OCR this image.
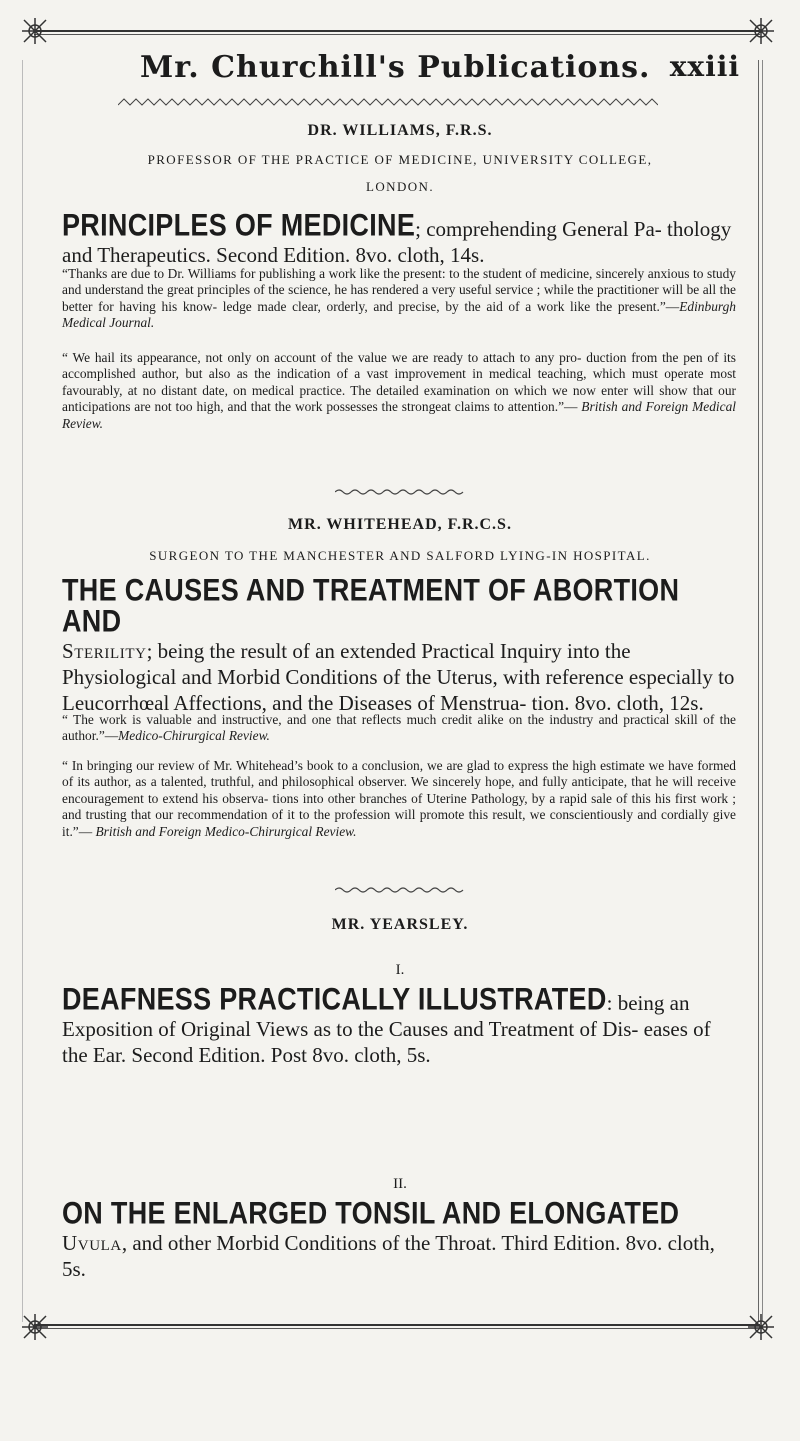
Mr. Churchill's Publications. xxiii
DR. WILLIAMS, F.R.S.
PROFESSOR OF THE PRACTICE OF MEDICINE, UNIVERSITY COLLEGE,
LONDON.
PRINCIPLES OF MEDICINE; comprehending General Pa- thology and Therapeutics. Second Edition. 8vo. cloth, 14s.
“Thanks are due to Dr. Williams for publishing a work like the present: to the student of medicine, sincerely anxious to study and understand the great principles of the science, he has rendered a very useful service ; while the practitioner will be all the better for having his know- ledge made clear, orderly, and precise, by the aid of a work like the present.”—Edinburgh Medical Journal.
“ We hail its appearance, not only on account of the value we are ready to attach to any pro- duction from the pen of its accomplished author, but also as the indication of a vast improvement in medical teaching, which must operate most favourably, at no distant date, on medical practice. The detailed examination on which we now enter will show that our anticipations are not too high, and that the work possesses the strongeat claims to attention.”— British and Foreign Medical Review.
MR. WHITEHEAD, F.R.C.S.
SURGEON TO THE MANCHESTER AND SALFORD LYING-IN HOSPITAL.
THE CAUSES AND TREATMENT OF ABORTION AND
Sterility; being the result of an extended Practical Inquiry into the Physiological and Morbid Conditions of the Uterus, with reference especially to Leucorrhœal Affections, and the Diseases of Menstrua- tion. 8vo. cloth, 12s.
“ The work is valuable and instructive, and one that reflects much credit alike on the industry and practical skill of the author.”—Medico-Chirurgical Review.
“ In bringing our review of Mr. Whitehead’s book to a conclusion, we are glad to express the high estimate we have formed of its author, as a talented, truthful, and philosophical observer. We sincerely hope, and fully anticipate, that he will receive encouragement to extend his observa- tions into other branches of Uterine Pathology, by a rapid sale of this his first work ; and trusting that our recommendation of it to the profession will promote this result, we conscientiously and cordially give it.”— British and Foreign Medico-Chirurgical Review.
MR. YEARSLEY.
I.
DEAFNESS PRACTICALLY ILLUSTRATED: being an Exposition of Original Views as to the Causes and Treatment of Dis- eases of the Ear. Second Edition. Post 8vo. cloth, 5s.
II.
ON THE ENLARGED TONSIL AND ELONGATED
Uvula, and other Morbid Conditions of the Throat. Third Edition. 8vo. cloth, 5s.
